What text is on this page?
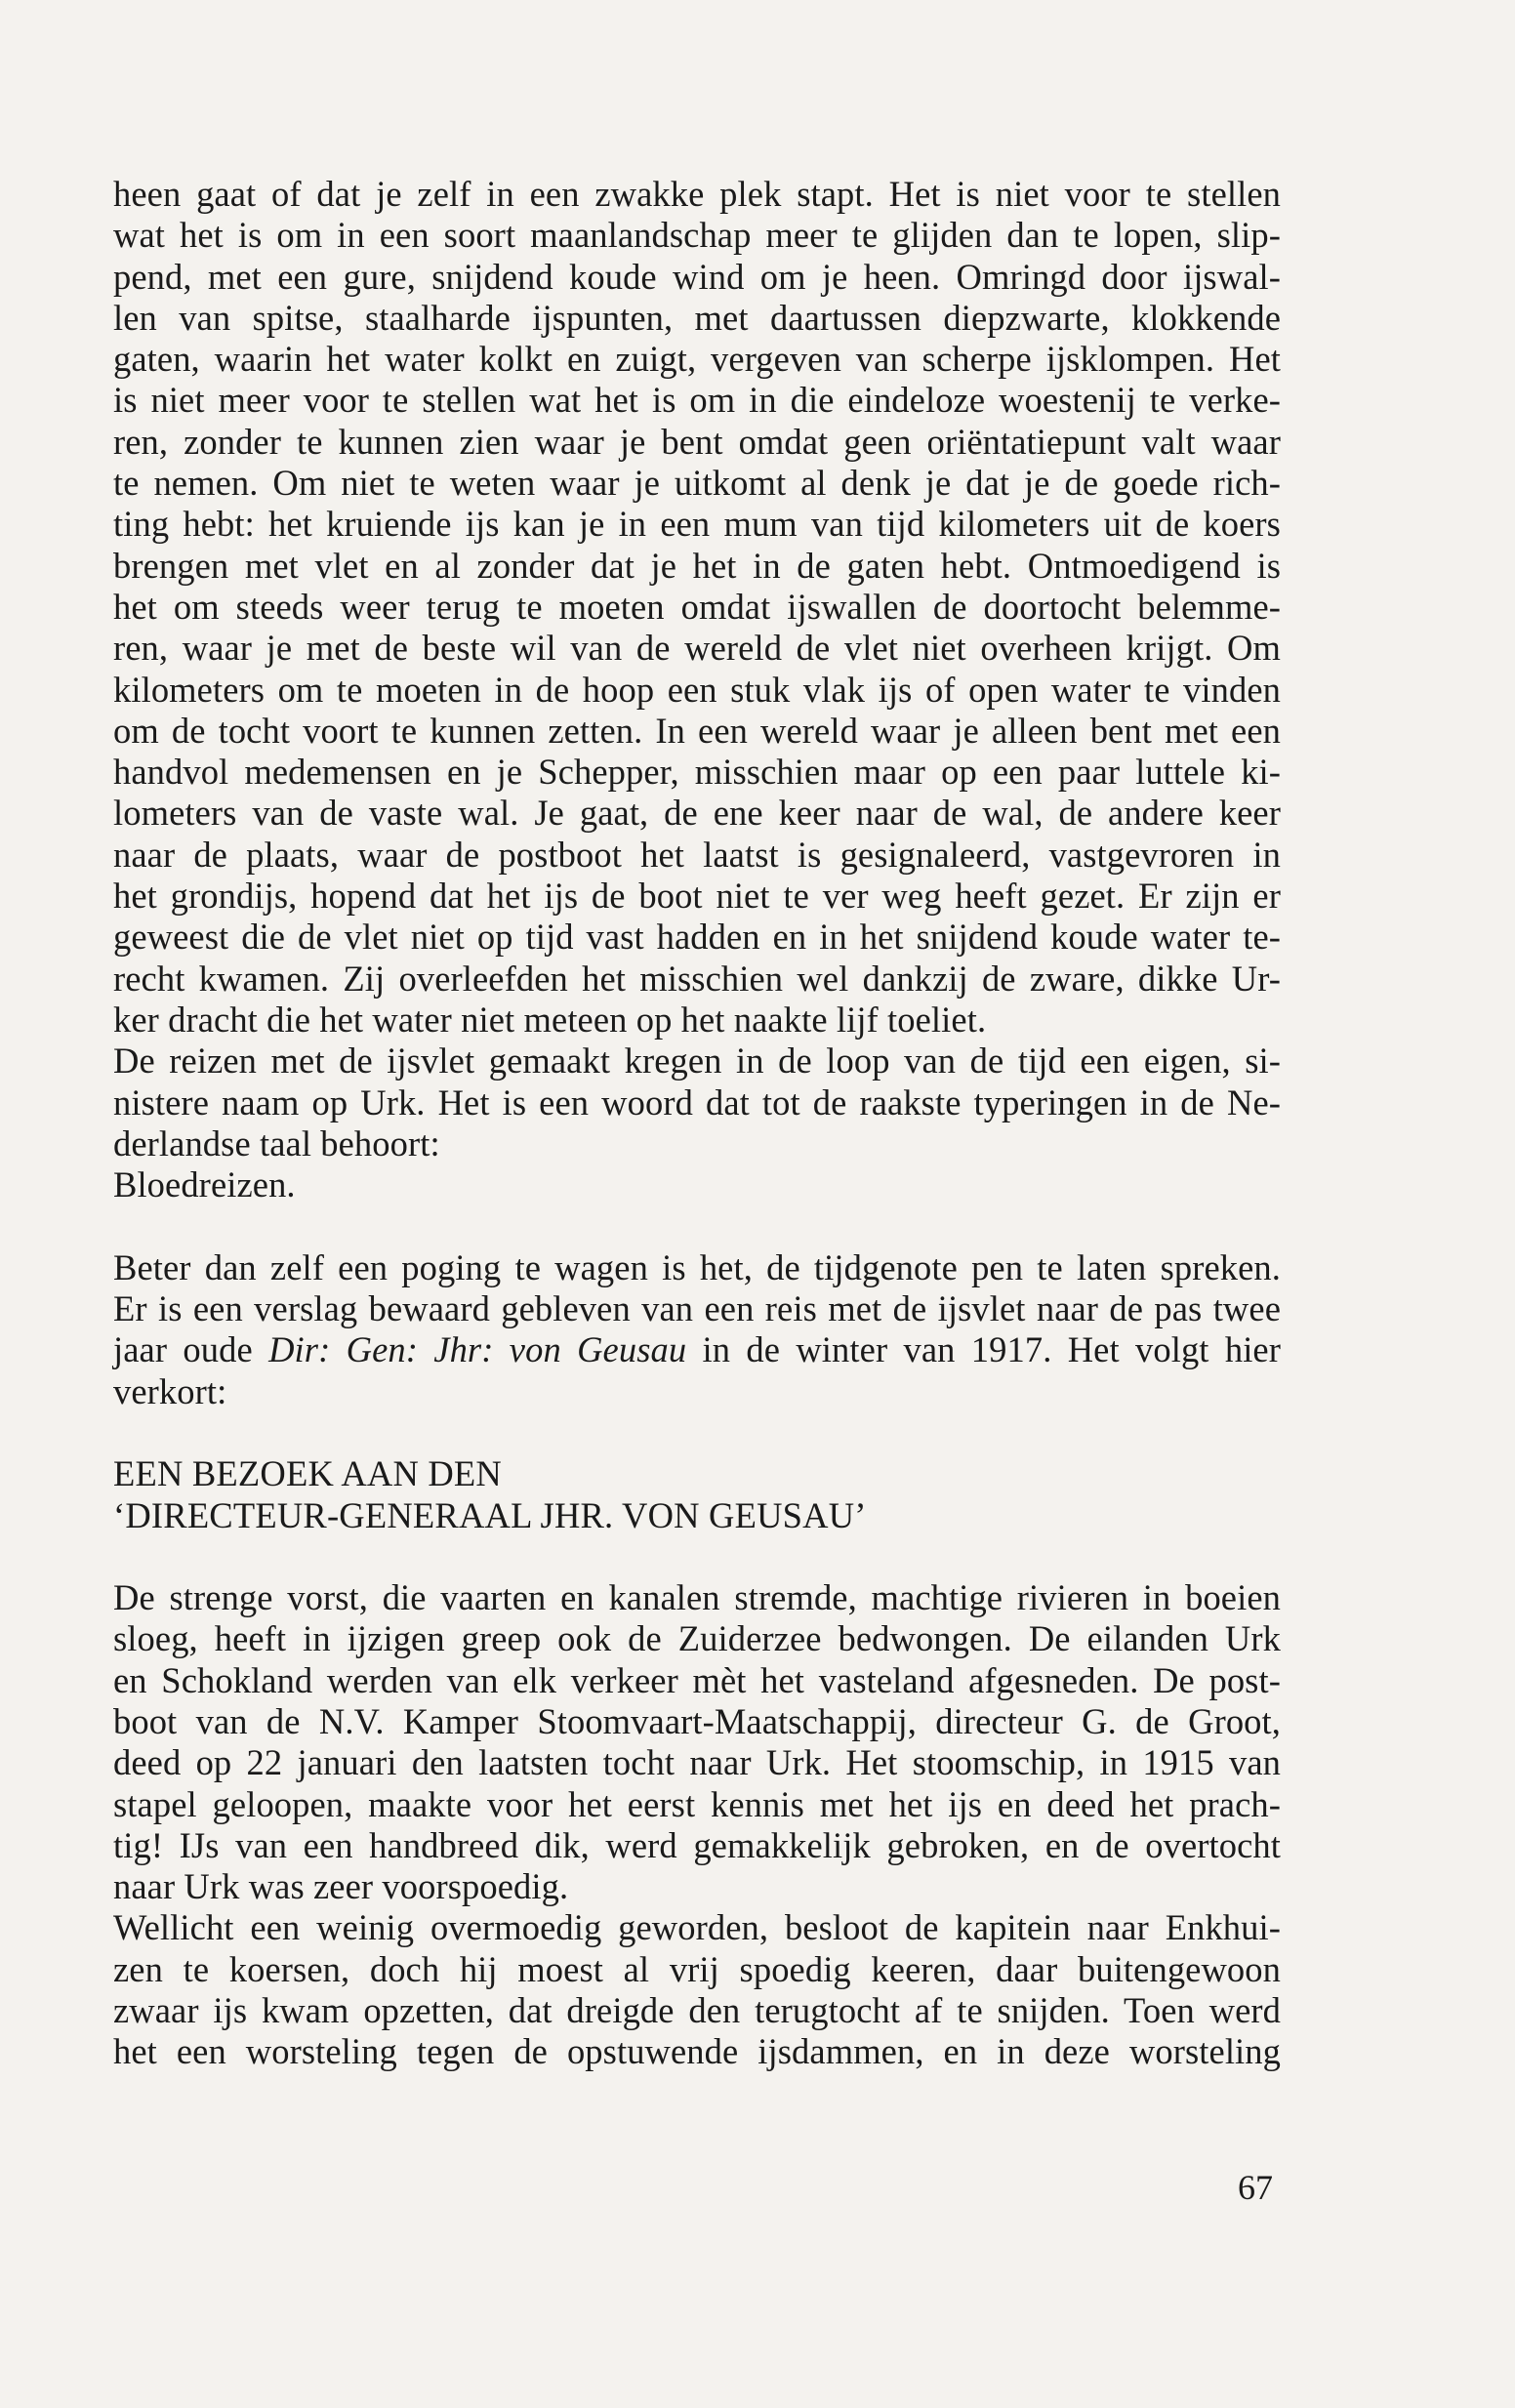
heen gaat of dat je zelf in een zwakke plek stapt. Het is niet voor te stellen
wat het is om in een soort maanlandschap meer te glijden dan te lopen, slip-
pend, met een gure, snijdend koude wind om je heen. Omringd door ijswal-
len van spitse, staalharde ijspunten, met daartussen diepzwarte, klokkende
gaten, waarin het water kolkt en zuigt, vergeven van scherpe ijsklompen. Het
is niet meer voor te stellen wat het is om in die eindeloze woestenij te verke-
ren, zonder te kunnen zien waar je bent omdat geen oriëntatiepunt valt waar
te nemen. Om niet te weten waar je uitkomt al denk je dat je de goede rich-
ting hebt: het kruiende ijs kan je in een mum van tijd kilometers uit de koers
brengen met vlet en al zonder dat je het in de gaten hebt. Ontmoedigend is
het om steeds weer terug te moeten omdat ijswallen de doortocht belemme-
ren, waar je met de beste wil van de wereld de vlet niet overheen krijgt. Om
kilometers om te moeten in de hoop een stuk vlak ijs of open water te vinden
om de tocht voort te kunnen zetten. In een wereld waar je alleen bent met een
handvol medemensen en je Schepper, misschien maar op een paar luttele ki-
lometers van de vaste wal. Je gaat, de ene keer naar de wal, de andere keer
naar de plaats, waar de postboot het laatst is gesignaleerd, vastgevroren in
het grondijs, hopend dat het ijs de boot niet te ver weg heeft gezet. Er zijn er
geweest die de vlet niet op tijd vast hadden en in het snijdend koude water te-
recht kwamen. Zij overleefden het misschien wel dankzij de zware, dikke Ur-
ker dracht die het water niet meteen op het naakte lijf toeliet.
De reizen met de ijsvlet gemaakt kregen in de loop van de tijd een eigen, si-
nistere naam op Urk. Het is een woord dat tot de raakste typeringen in de Ne-
derlandse taal behoort:
Bloedreizen.
Beter dan zelf een poging te wagen is het, de tijdgenote pen te laten spreken.
Er is een verslag bewaard gebleven van een reis met de ijsvlet naar de pas twee
jaar oude Dir: Gen: Jhr: von Geusau in de winter van 1917. Het volgt hier
verkort:
EEN BEZOEK AAN DEN
‘DIRECTEUR-GENERAAL JHR. VON GEUSAU’
De strenge vorst, die vaarten en kanalen stremde, machtige rivieren in boeien
sloeg, heeft in ijzigen greep ook de Zuiderzee bedwongen. De eilanden Urk
en Schokland werden van elk verkeer mèt het vasteland afgesneden. De post-
boot van de N.V. Kamper Stoomvaart-Maatschappij, directeur G. de Groot,
deed op 22 januari den laatsten tocht naar Urk. Het stoomschip, in 1915 van
stapel geloopen, maakte voor het eerst kennis met het ijs en deed het prach-
tig! IJs van een handbreed dik, werd gemakkelijk gebroken, en de overtocht
naar Urk was zeer voorspoedig.
Wellicht een weinig overmoedig geworden, besloot de kapitein naar Enkhui-
zen te koersen, doch hij moest al vrij spoedig keeren, daar buitengewoon
zwaar ijs kwam opzetten, dat dreigde den terugtocht af te snijden. Toen werd
het een worsteling tegen de opstuwende ijsdammen, en in deze worsteling
67
